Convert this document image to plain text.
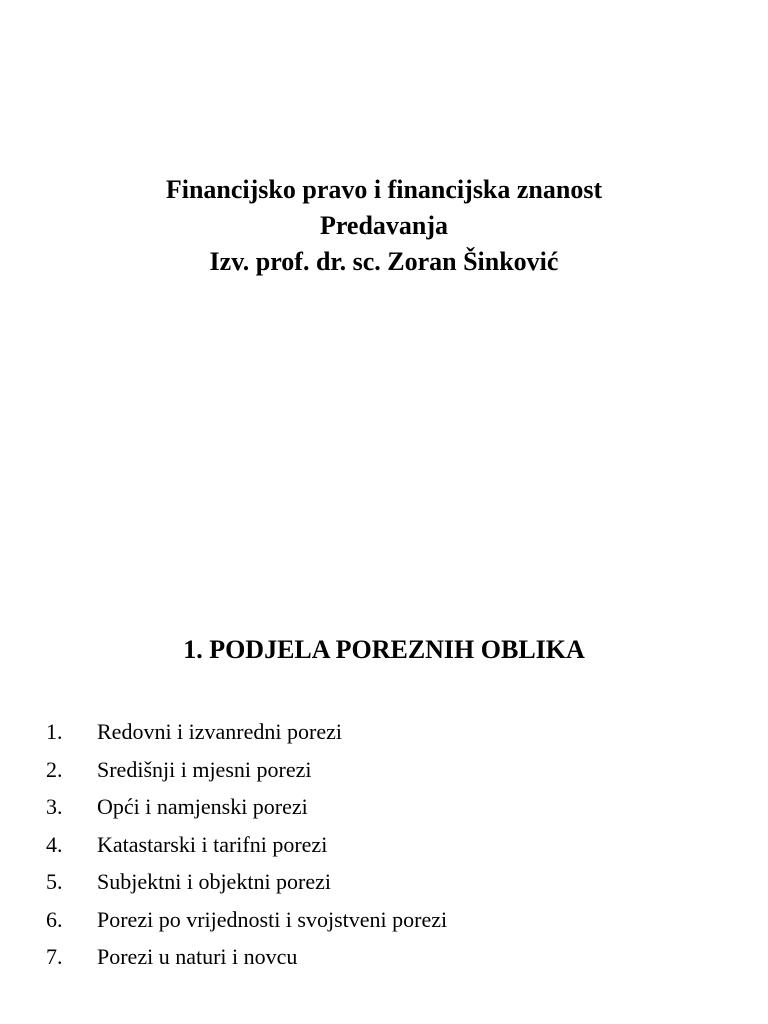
Financijsko pravo i financijska znanost
Predavanja
Izv. prof. dr. sc. Zoran Šinković
1. PODJELA POREZNIH OBLIKA
1. Redovni i izvanredni porezi
2. Središnji i mjesni porezi
3. Opći i namjenski porezi
4. Katastarski i tarifni porezi
5. Subjektni i objektni porezi
6. Porezi po vrijednosti i svojstveni porezi
7. Porezi u naturi i novcu
